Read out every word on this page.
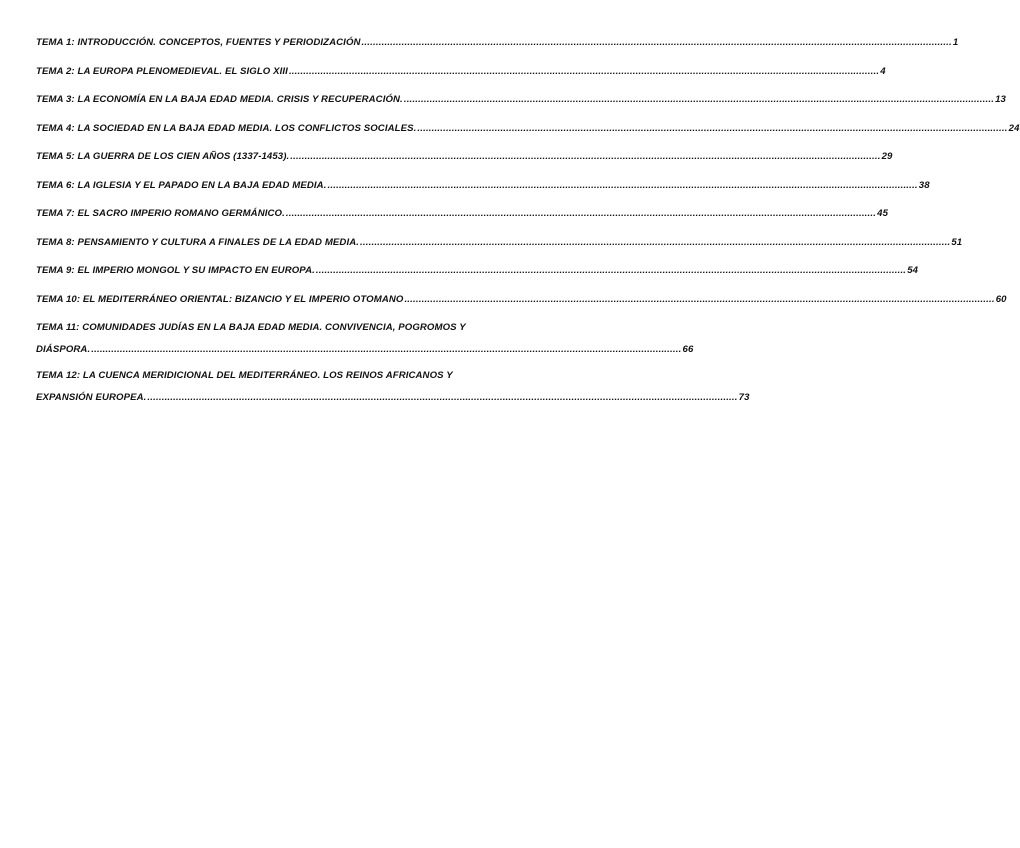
TEMA 1: INTRODUCCIÓN. CONCEPTOS, FUENTES Y PERIODIZACIÓN .....	1
TEMA 2: LA EUROPA PLENOMEDIEVAL. EL SIGLO XIII .....	4
TEMA 3: LA ECONOMÍA EN LA BAJA EDAD MEDIA. CRISIS Y RECUPERACIÓN. .....	13
TEMA 4: LA SOCIEDAD EN LA BAJA EDAD MEDIA. LOS CONFLICTOS SOCIALES. .....	24
TEMA 5: LA GUERRA DE LOS CIEN AÑOS (1337-1453). .....	29
TEMA 6: LA IGLESIA Y EL PAPADO EN LA BAJA EDAD MEDIA. .....	38
TEMA 7: EL SACRO IMPERIO ROMANO GERMÁNICO. .....	45
TEMA 8: PENSAMIENTO Y CULTURA A FINALES DE LA EDAD MEDIA. .....	51
TEMA 9: EL IMPERIO MONGOL Y SU IMPACTO EN EUROPA. .....	54
TEMA 10: EL MEDITERRÁNEO ORIENTAL: BIZANCIO Y EL IMPERIO OTOMANO .....	60
TEMA 11: COMUNIDADES JUDÍAS EN LA BAJA EDAD MEDIA. CONVIVENCIA, POGROMOS Y
DIÁSPORA. .....	66
TEMA 12: LA CUENCA MERIDICIONAL DEL MEDITERRÁNEO. LOS REINOS AFRICANOS Y
EXPANSIÓN EUROPEA. .....	73
